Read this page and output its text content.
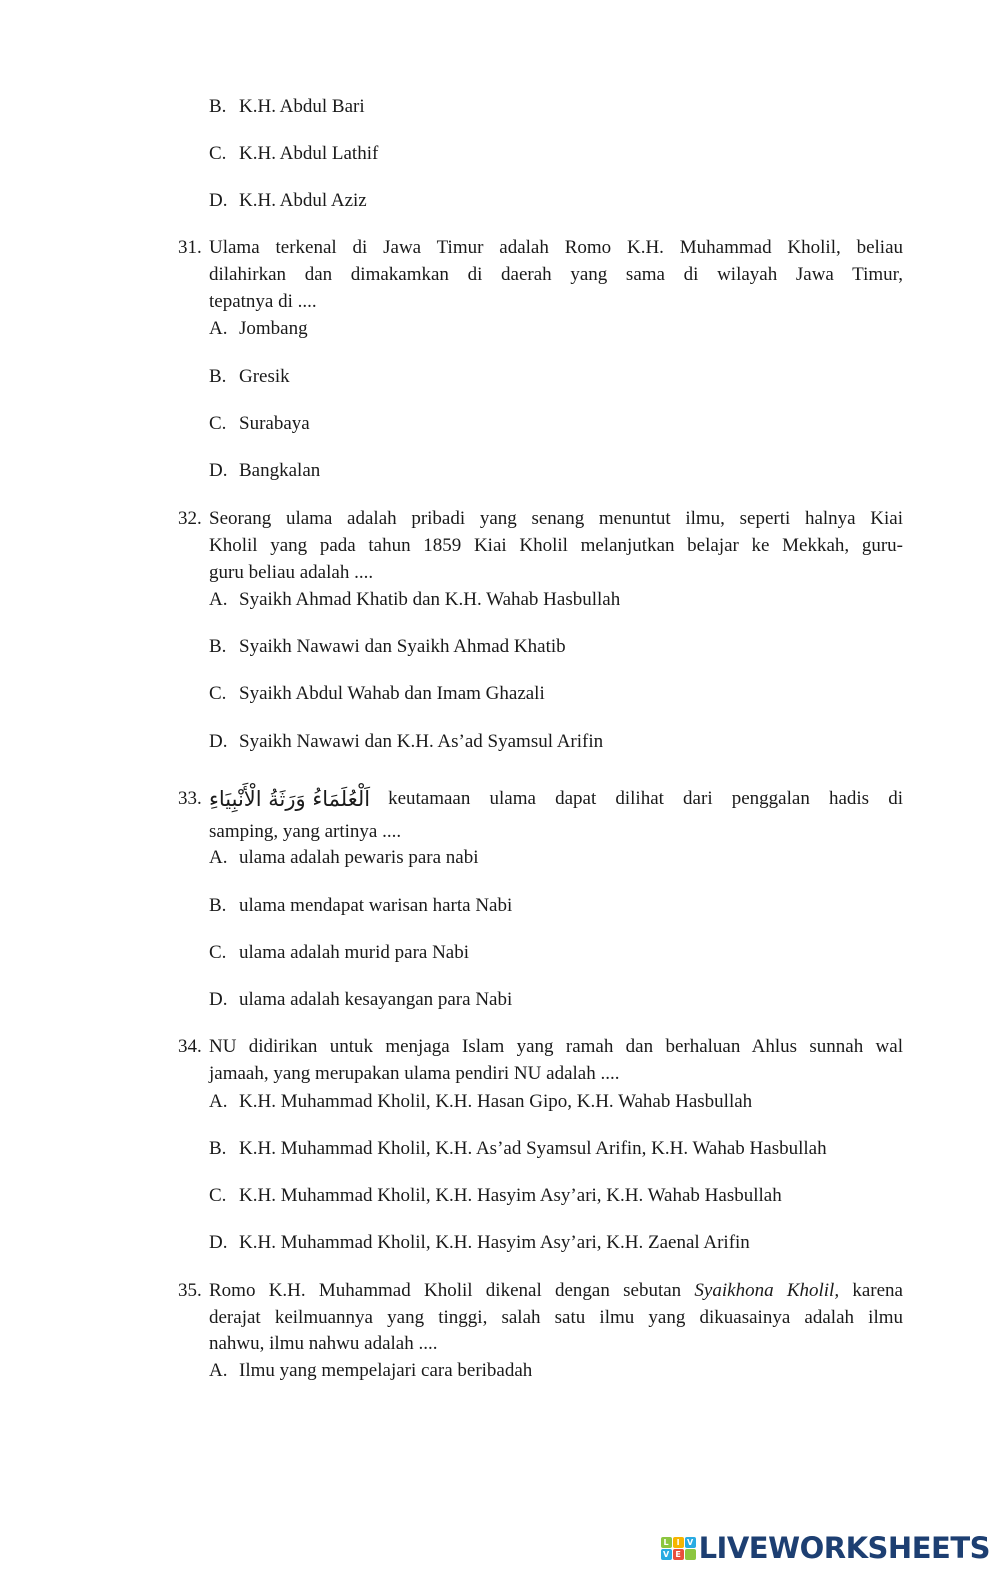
B. K.H. Abdul Bari
C. K.H. Abdul Lathif
D. K.H. Abdul Aziz
31. Ulama terkenal di Jawa Timur adalah Romo K.H. Muhammad Kholil, beliau
dilahirkan dan dimakamkan di daerah yang sama di wilayah Jawa Timur,
tepatnya di ....
A. Jombang
B. Gresik
C. Surabaya
D. Bangkalan
32. Seorang ulama adalah pribadi yang senang menuntut ilmu, seperti halnya Kiai
Kholil yang pada tahun 1859 Kiai Kholil melanjutkan belajar ke Mekkah, guru-
guru beliau adalah ....
A. Syaikh Ahmad Khatib dan K.H. Wahab Hasbullah
B. Syaikh Nawawi dan Syaikh Ahmad Khatib
C. Syaikh Abdul Wahab dan Imam Ghazali
D. Syaikh Nawawi dan K.H. As’ad Syamsul Arifin
33. اَلْعُلَمَاءُ وَرَثَةُ الْأَنْبِيَاءِ keutamaan ulama dapat dilihat dari penggalan hadis di
samping, yang artinya ....
A. ulama adalah pewaris para nabi
B. ulama mendapat warisan harta Nabi
C. ulama adalah murid para Nabi
D. ulama adalah kesayangan para Nabi
34. NU didirikan untuk menjaga Islam yang ramah dan berhaluan Ahlus sunnah wal
jamaah, yang merupakan ulama pendiri NU adalah ....
A. K.H. Muhammad Kholil, K.H. Hasan Gipo, K.H. Wahab Hasbullah
B. K.H. Muhammad Kholil, K.H. As’ad Syamsul Arifin, K.H. Wahab Hasbullah
C. K.H. Muhammad Kholil, K.H. Hasyim Asy’ari, K.H. Wahab Hasbullah
D. K.H. Muhammad Kholil, K.H. Hasyim Asy’ari, K.H. Zaenal Arifin
35. Romo K.H. Muhammad Kholil dikenal dengan sebutan Syaikhona Kholil, karena
derajat keilmuannya yang tinggi, salah satu ilmu yang dikuasainya adalah ilmu
nahwu, ilmu nahwu adalah ....
A. Ilmu yang mempelajari cara beribadah
L I V
V E LIVEWORKSHEETS
